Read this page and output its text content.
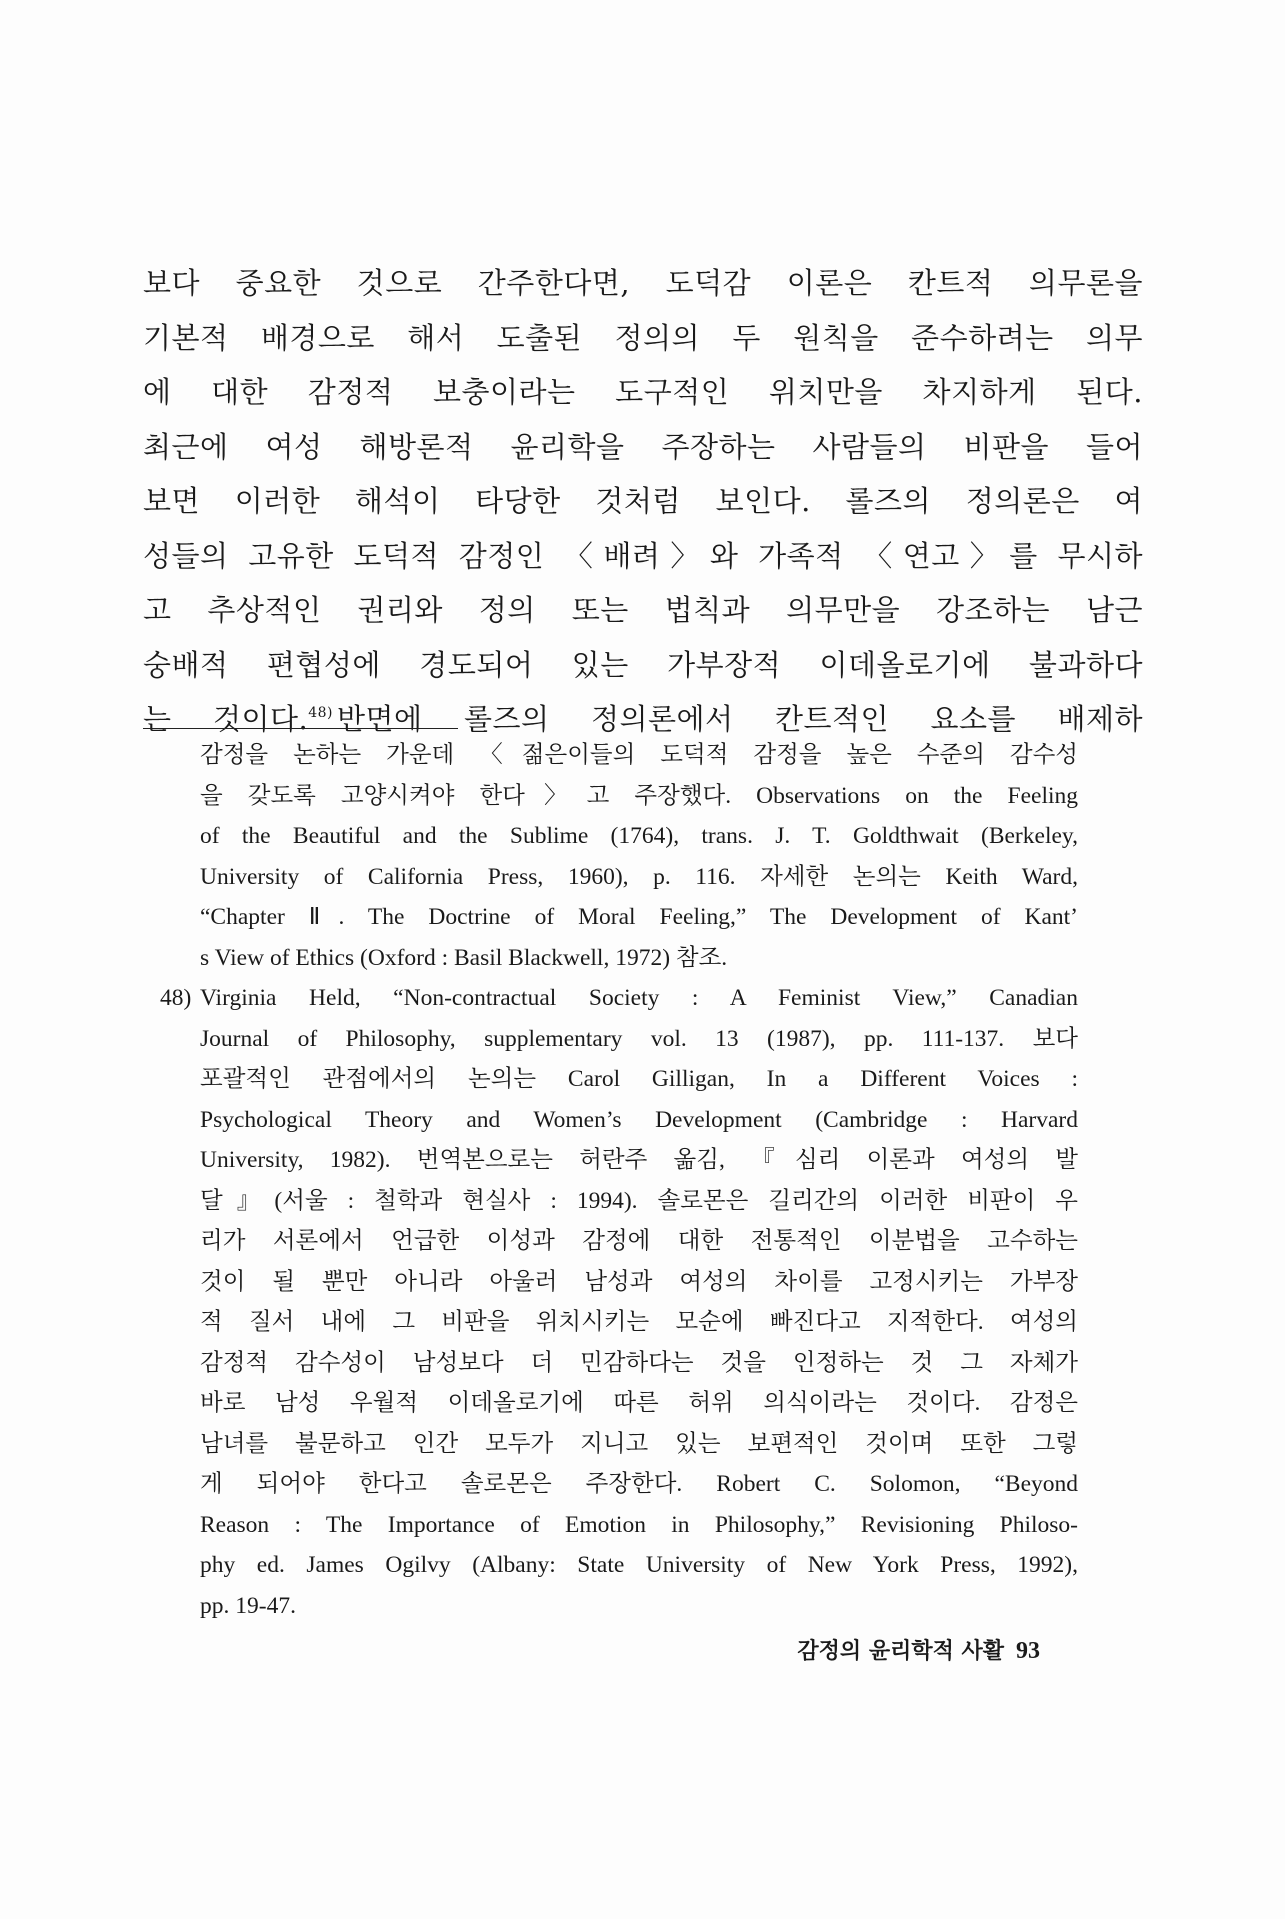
보다 중요한 것으로 간주한다면, 도덕감 이론은 칸트적 의무론을
기본적 배경으로 해서 도출된 정의의 두 원칙을 준수하려는 의무
에 대한 감정적 보충이라는 도구적인 위치만을 차지하게 된다.
최근에 여성 해방론적 윤리학을 주장하는 사람들의 비판을 들어
보면 이러한 해석이 타당한 것처럼 보인다. 롤즈의 정의론은 여
성들의 고유한 도덕적 감정인 〈배려〉와 가족적 〈연고〉를 무시하
고 추상적인 권리와 정의 또는 법칙과 의무만을 강조하는 남근
숭배적 편협성에 경도되어 있는 가부장적 이데올로기에 불과하다
는 것이다.$^{48)}$ 반면에 롤즈의 정의론에서 칸트적인 요소를 배제하
감정을 논하는 가운데 〈젊은이들의 도덕적 감정을 높은 수준의 감수성
을 갖도록 고양시켜야 한다〉고 주장했다. Observations on the Feeling
of the Beautiful and the Sublime (1764), trans. J. T. Goldthwait (Berkeley,
University of California Press, 1960), p. 116. 자세한 논의는 Keith Ward,
“Chapter Ⅱ. The Doctrine of Moral Feeling,” The Development of Kant’
s View of Ethics (Oxford : Basil Blackwell, 1972) 참조.
48) Virginia Held, “Non-contractual Society : A Feminist View,” Canadian
Journal of Philosophy, supplementary vol. 13 (1987), pp. 111-137. 보다
포괄적인 관점에서의 논의는 Carol Gilligan, In a Different Voices :
Psychological Theory and Women’s Development (Cambridge : Harvard
University, 1982). 번역본으로는 허란주 옮김, 『심리 이론과 여성의 발
달』(서울 : 철학과 현실사 : 1994). 솔로몬은 길리간의 이러한 비판이 우
리가 서론에서 언급한 이성과 감정에 대한 전통적인 이분법을 고수하는
것이 될 뿐만 아니라 아울러 남성과 여성의 차이를 고정시키는 가부장
적 질서 내에 그 비판을 위치시키는 모순에 빠진다고 지적한다. 여성의
감정적 감수성이 남성보다 더 민감하다는 것을 인정하는 것 그 자체가
바로 남성 우월적 이데올로기에 따른 허위 의식이라는 것이다. 감정은
남녀를 불문하고 인간 모두가 지니고 있는 보편적인 것이며 또한 그렇
게 되어야 한다고 솔로몬은 주장한다. Robert C. Solomon, “Beyond
Reason : The Importance of Emotion in Philosophy,” Revisioning Philoso-
phy ed. James Ogilvy (Albany: State University of New York Press, 1992),
pp. 19-47.
감정의 윤리학적 사활 93
